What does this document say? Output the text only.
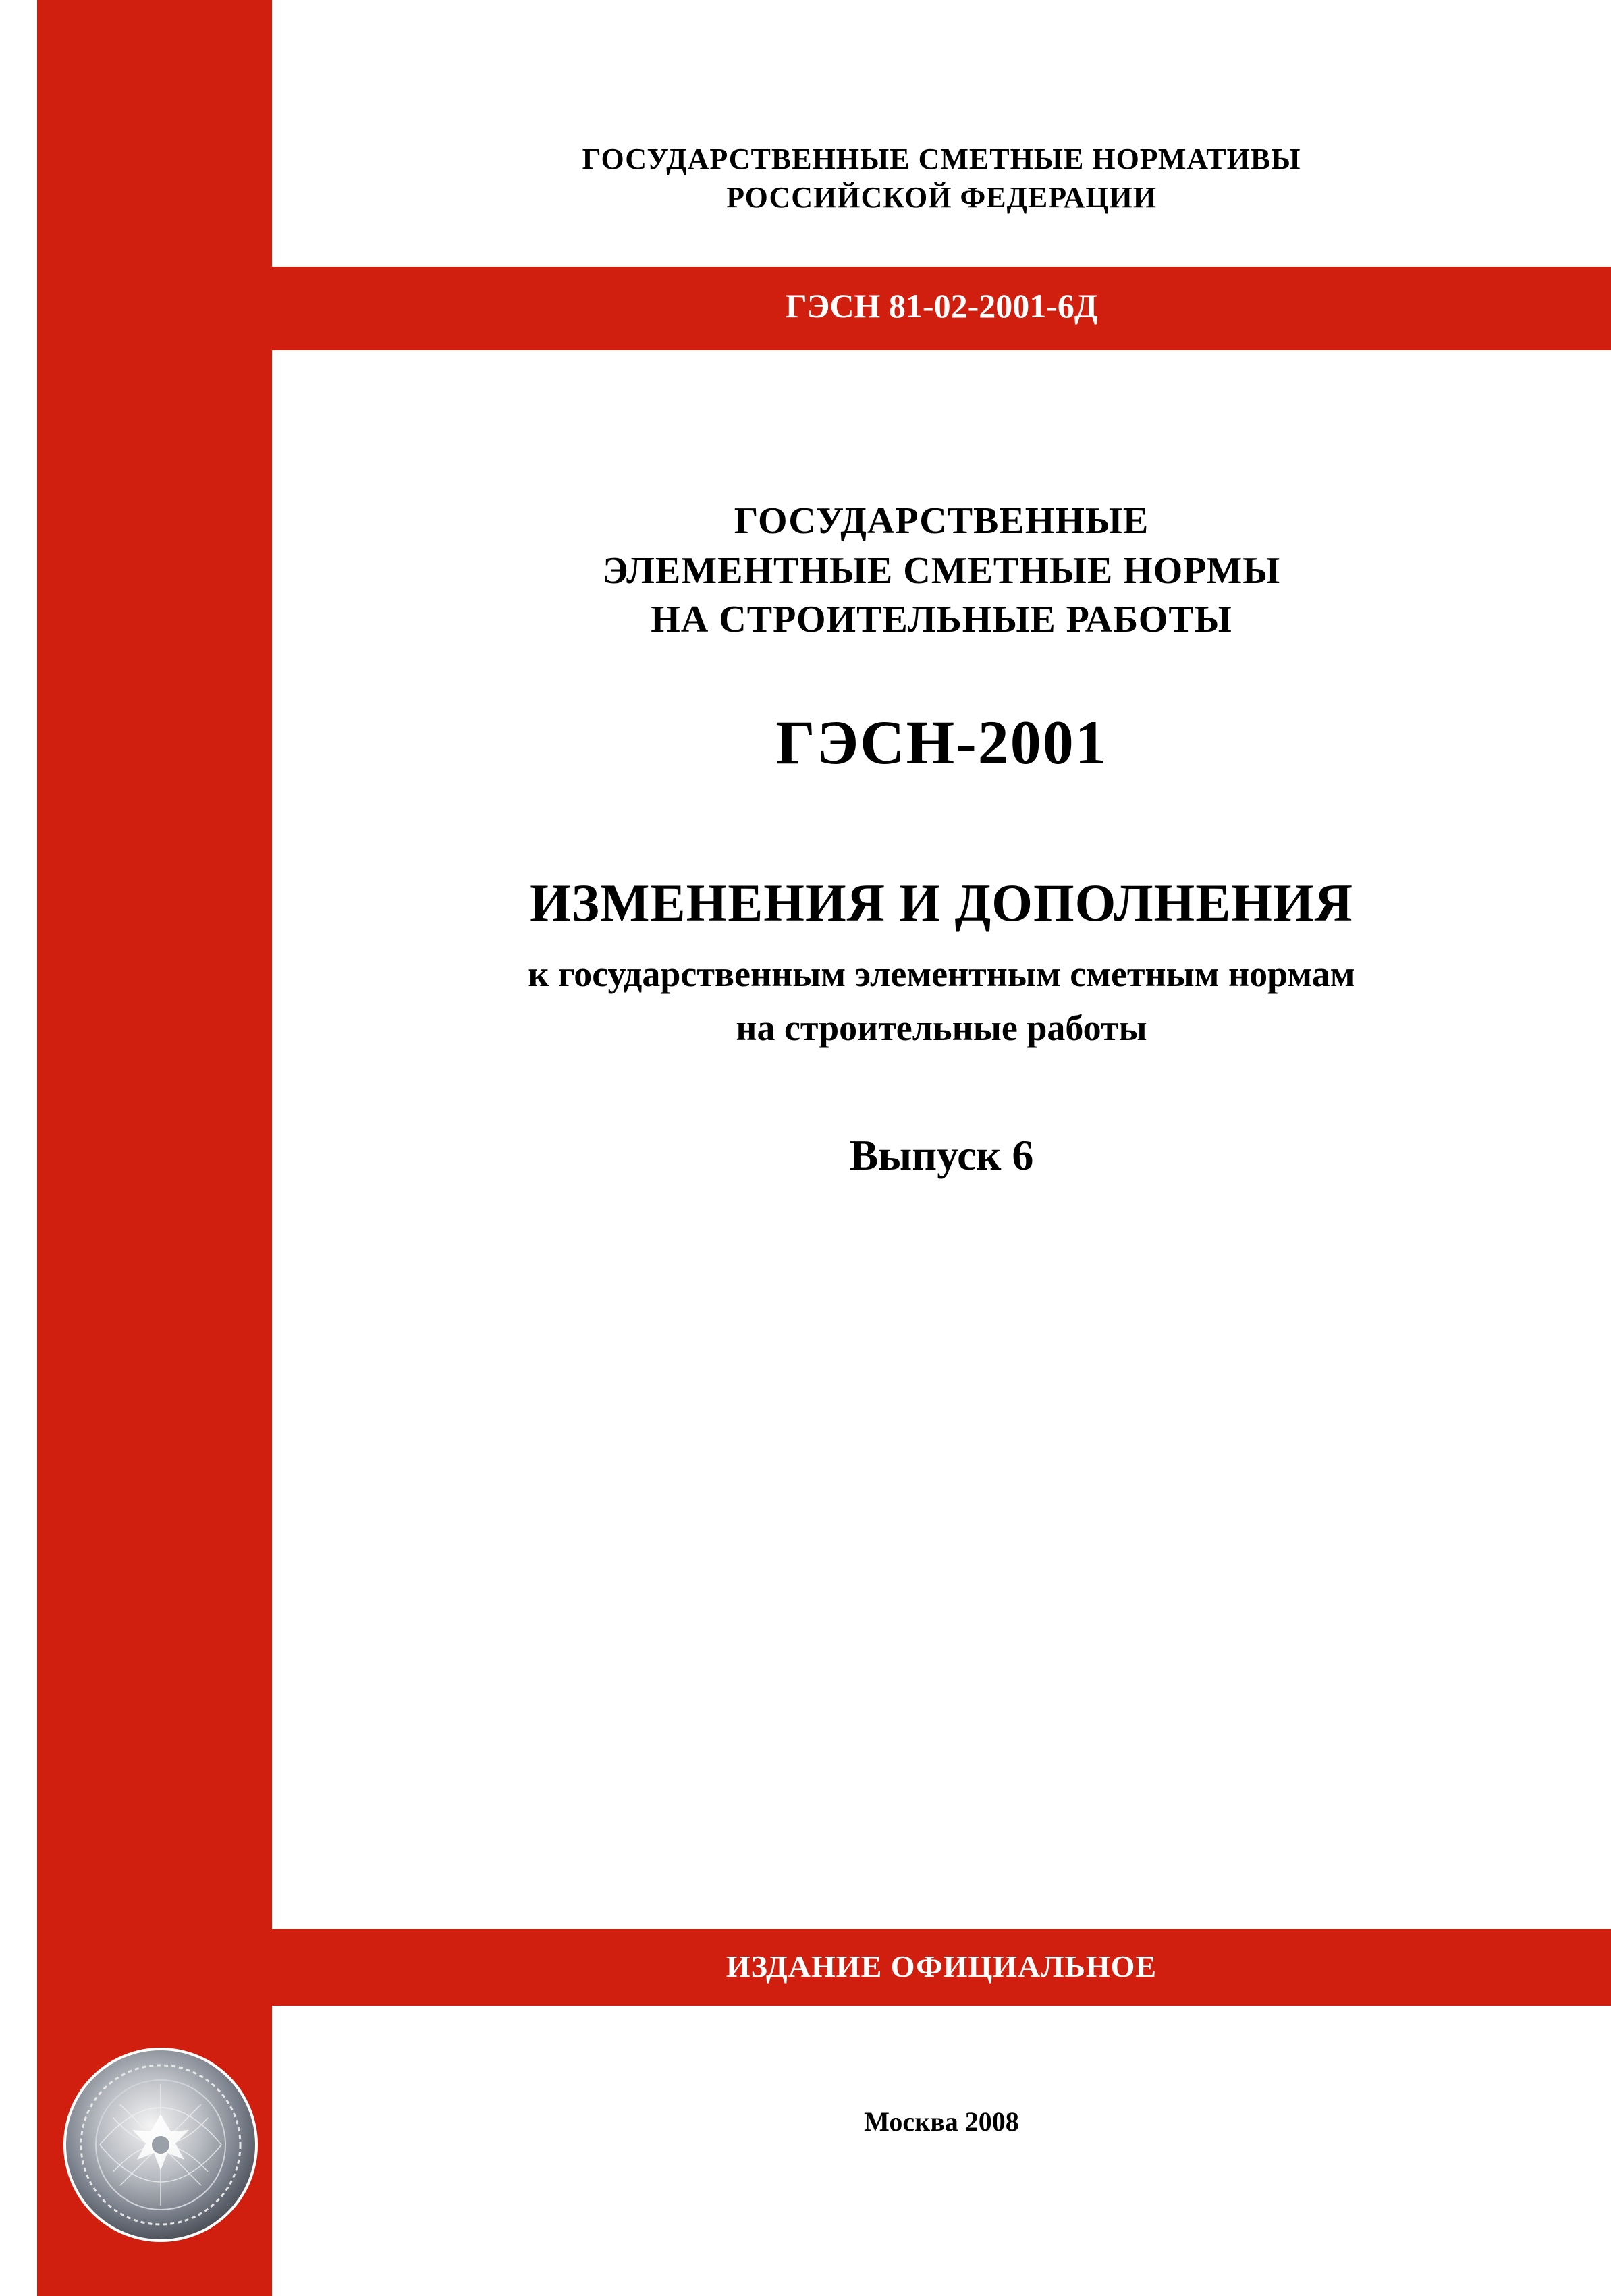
ГОСУДАРСТВЕННЫЕ СМЕТНЫЕ НОРМАТИВЫ
РОССИЙСКОЙ ФЕДЕРАЦИИ
ГЭСН 81-02-2001-6Д
ГОСУДАРСТВЕННЫЕ
ЭЛЕМЕНТНЫЕ СМЕТНЫЕ НОРМЫ
НА СТРОИТЕЛЬНЫЕ РАБОТЫ
ГЭСН-2001
ИЗМЕНЕНИЯ И ДОПОЛНЕНИЯ
к государственным элементным сметным нормам
на строительные работы
Выпуск 6
ИЗДАНИЕ ОФИЦИАЛЬНОЕ
Москва 2008
